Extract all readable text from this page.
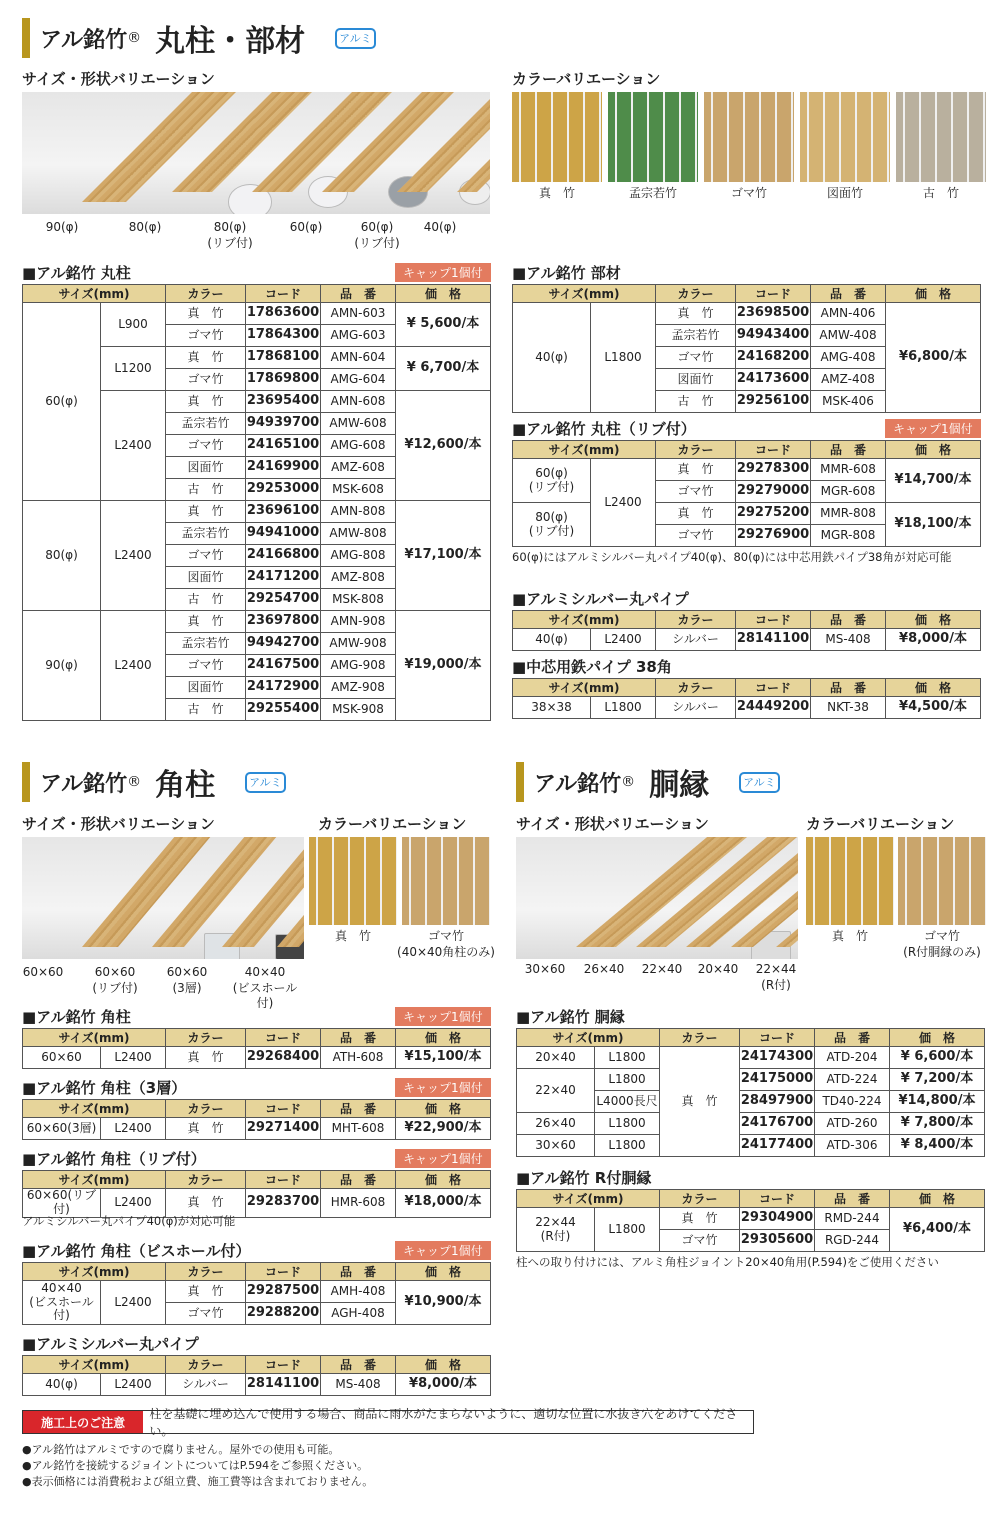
アル銘竹 ® 丸柱・部材	アルミ
サイズ・形状バリエーション	カラーバリエーション
アル銘竹 ® 角柱	アルミ
サイズ・形状バリエーション	カラーバリエーション
アル銘竹 ® 胴縁	アルミ
サイズ・形状バリエーション	カラーバリエーション
施工上のご注意
柱を基礎に埋め込んで使用する場合、商品に雨水がたまらないように、適切な位置に水抜き穴をあけてください。
●アル銘竹はアルミですので腐りません。屋外での使用も可能。
●アル銘竹を接続するジョイントについてはP.594をご参照ください。
●表示価格には消費税および組立費、施工費等は含まれておりません。
90(φ)	80(φ)	80(φ)
(リブ付)
60(φ)	60(φ)
(リブ付)
40(φ)
60×60	60×60
(リブ付)
60×60
(3層)
40×40
(ビスホール付)
30×60	26×40	22×40	20×40	22×44
(R付)
真　竹	孟宗若竹	ゴマ竹	図面竹	古　竹
真　竹	ゴマ竹
(40×40角柱のみ)
真　竹	ゴマ竹
(R付胴縁のみ)
■アル銘竹 丸柱	キャップ1個付
サイズ(mm)		カラー	コード	品　番	価　格
60(φ)	L900	真　竹	17863600	AMN-603	¥ 5,600/本
		ゴマ竹	17864300	AMG-603	
	L1200	真　竹	17868100	AMN-604	¥ 6,700/本
		ゴマ竹	17869800	AMG-604	
	L2400	真　竹	23695400	AMN-608	¥12,600/本
		孟宗若竹	94939700	AMW-608	
		ゴマ竹	24165100	AMG-608	
		図面竹	24169900	AMZ-608	
		古　竹	29253000	MSK-608	
80(φ)	L2400	真　竹	23696100	AMN-808	¥17,100/本
		孟宗若竹	94941000	AMW-808	
		ゴマ竹	24166800	AMG-808	
		図面竹	24171200	AMZ-808	
		古　竹	29254700	MSK-808	
90(φ)	L2400	真　竹	23697800	AMN-908	¥19,000/本
		孟宗若竹	94942700	AMW-908	
		ゴマ竹	24167500	AMG-908	
		図面竹	24172900	AMZ-908	
		古　竹	29255400	MSK-908	
■アル銘竹 部材
サイズ(mm)		カラー	コード	品　番	価　格
40(φ)	L1800	真　竹	23698500	AMN-406	¥6,800/本
		孟宗若竹	94943400	AMW-408	
		ゴマ竹	24168200	AMG-408	
		図面竹	24173600	AMZ-408	
		古　竹	29256100	MSK-406	
■アル銘竹 丸柱（リブ付）	キャップ1個付
サイズ(mm)		カラー	コード	品　番	価　格
60(φ)
(リブ付)	L2400	真　竹	29278300	MMR-608	¥14,700/本
		ゴマ竹	29279000	MGR-608	
80(φ)
(リブ付)		真　竹	29275200	MMR-808	¥18,100/本
		ゴマ竹	29276900	MGR-808	
60(φ)にはアルミシルバー丸パイプ40(φ)、80(φ)には中芯用鉄パイプ38角が対応可能
■アルミシルバー丸パイプ
サイズ(mm)		カラー	コード	品　番	価　格
40(φ)	L2400	シルバー	28141100	MS-408	¥8,000/本
■中芯用鉄パイプ 38角
サイズ(mm)		カラー	コード	品　番	価　格
38×38	L1800	シルバー	24449200	NKT-38	¥4,500/本
■アル銘竹 角柱	キャップ1個付
サイズ(mm)		カラー	コード	品　番	価　格
60×60	L2400	真　竹	29268400	ATH-608	¥15,100/本
■アル銘竹 角柱（3層）	キャップ1個付
サイズ(mm)		カラー	コード	品　番	価　格
60×60(3層)	L2400	真　竹	29271400	MHT-608	¥22,900/本
■アル銘竹 角柱（リブ付）	キャップ1個付
サイズ(mm)		カラー	コード	品　番	価　格
60×60(リブ付)	L2400	真　竹	29283700	HMR-608	¥18,000/本
アルミシルバー丸パイプ40(φ)が対応可能
■アル銘竹 角柱（ビスホール付）	キャップ1個付
サイズ(mm)		カラー	コード	品　番	価　格
40×40
(ビスホール付)	L2400	真　竹	29287500	AMH-408	¥10,900/本
		ゴマ竹	29288200	AGH-408	
■アルミシルバー丸パイプ
サイズ(mm)		カラー	コード	品　番	価　格
40(φ)	L2400	シルバー	28141100	MS-408	¥8,000/本
■アル銘竹 胴縁
サイズ(mm)		カラー	コード	品　番	価　格
20×40	L1800	真　竹	24174300	ATD-204	¥ 6,600/本
22×40	L1800		24175000	ATD-224	¥ 7,200/本
	L4000長尺		28497900	TD40-224	¥14,800/本
26×40	L1800		24176700	ATD-260	¥ 7,800/本
30×60	L1800		24177400	ATD-306	¥ 8,400/本
■アル銘竹 R付胴縁
サイズ(mm)		カラー	コード	品　番	価　格
22×44
(R付)	L1800	真　竹	29304900	RMD-244	¥6,400/本
		ゴマ竹	29305600	RGD-244	
柱への取り付けには、アルミ角柱ジョイント20×40角用(P.594)をご使用ください
